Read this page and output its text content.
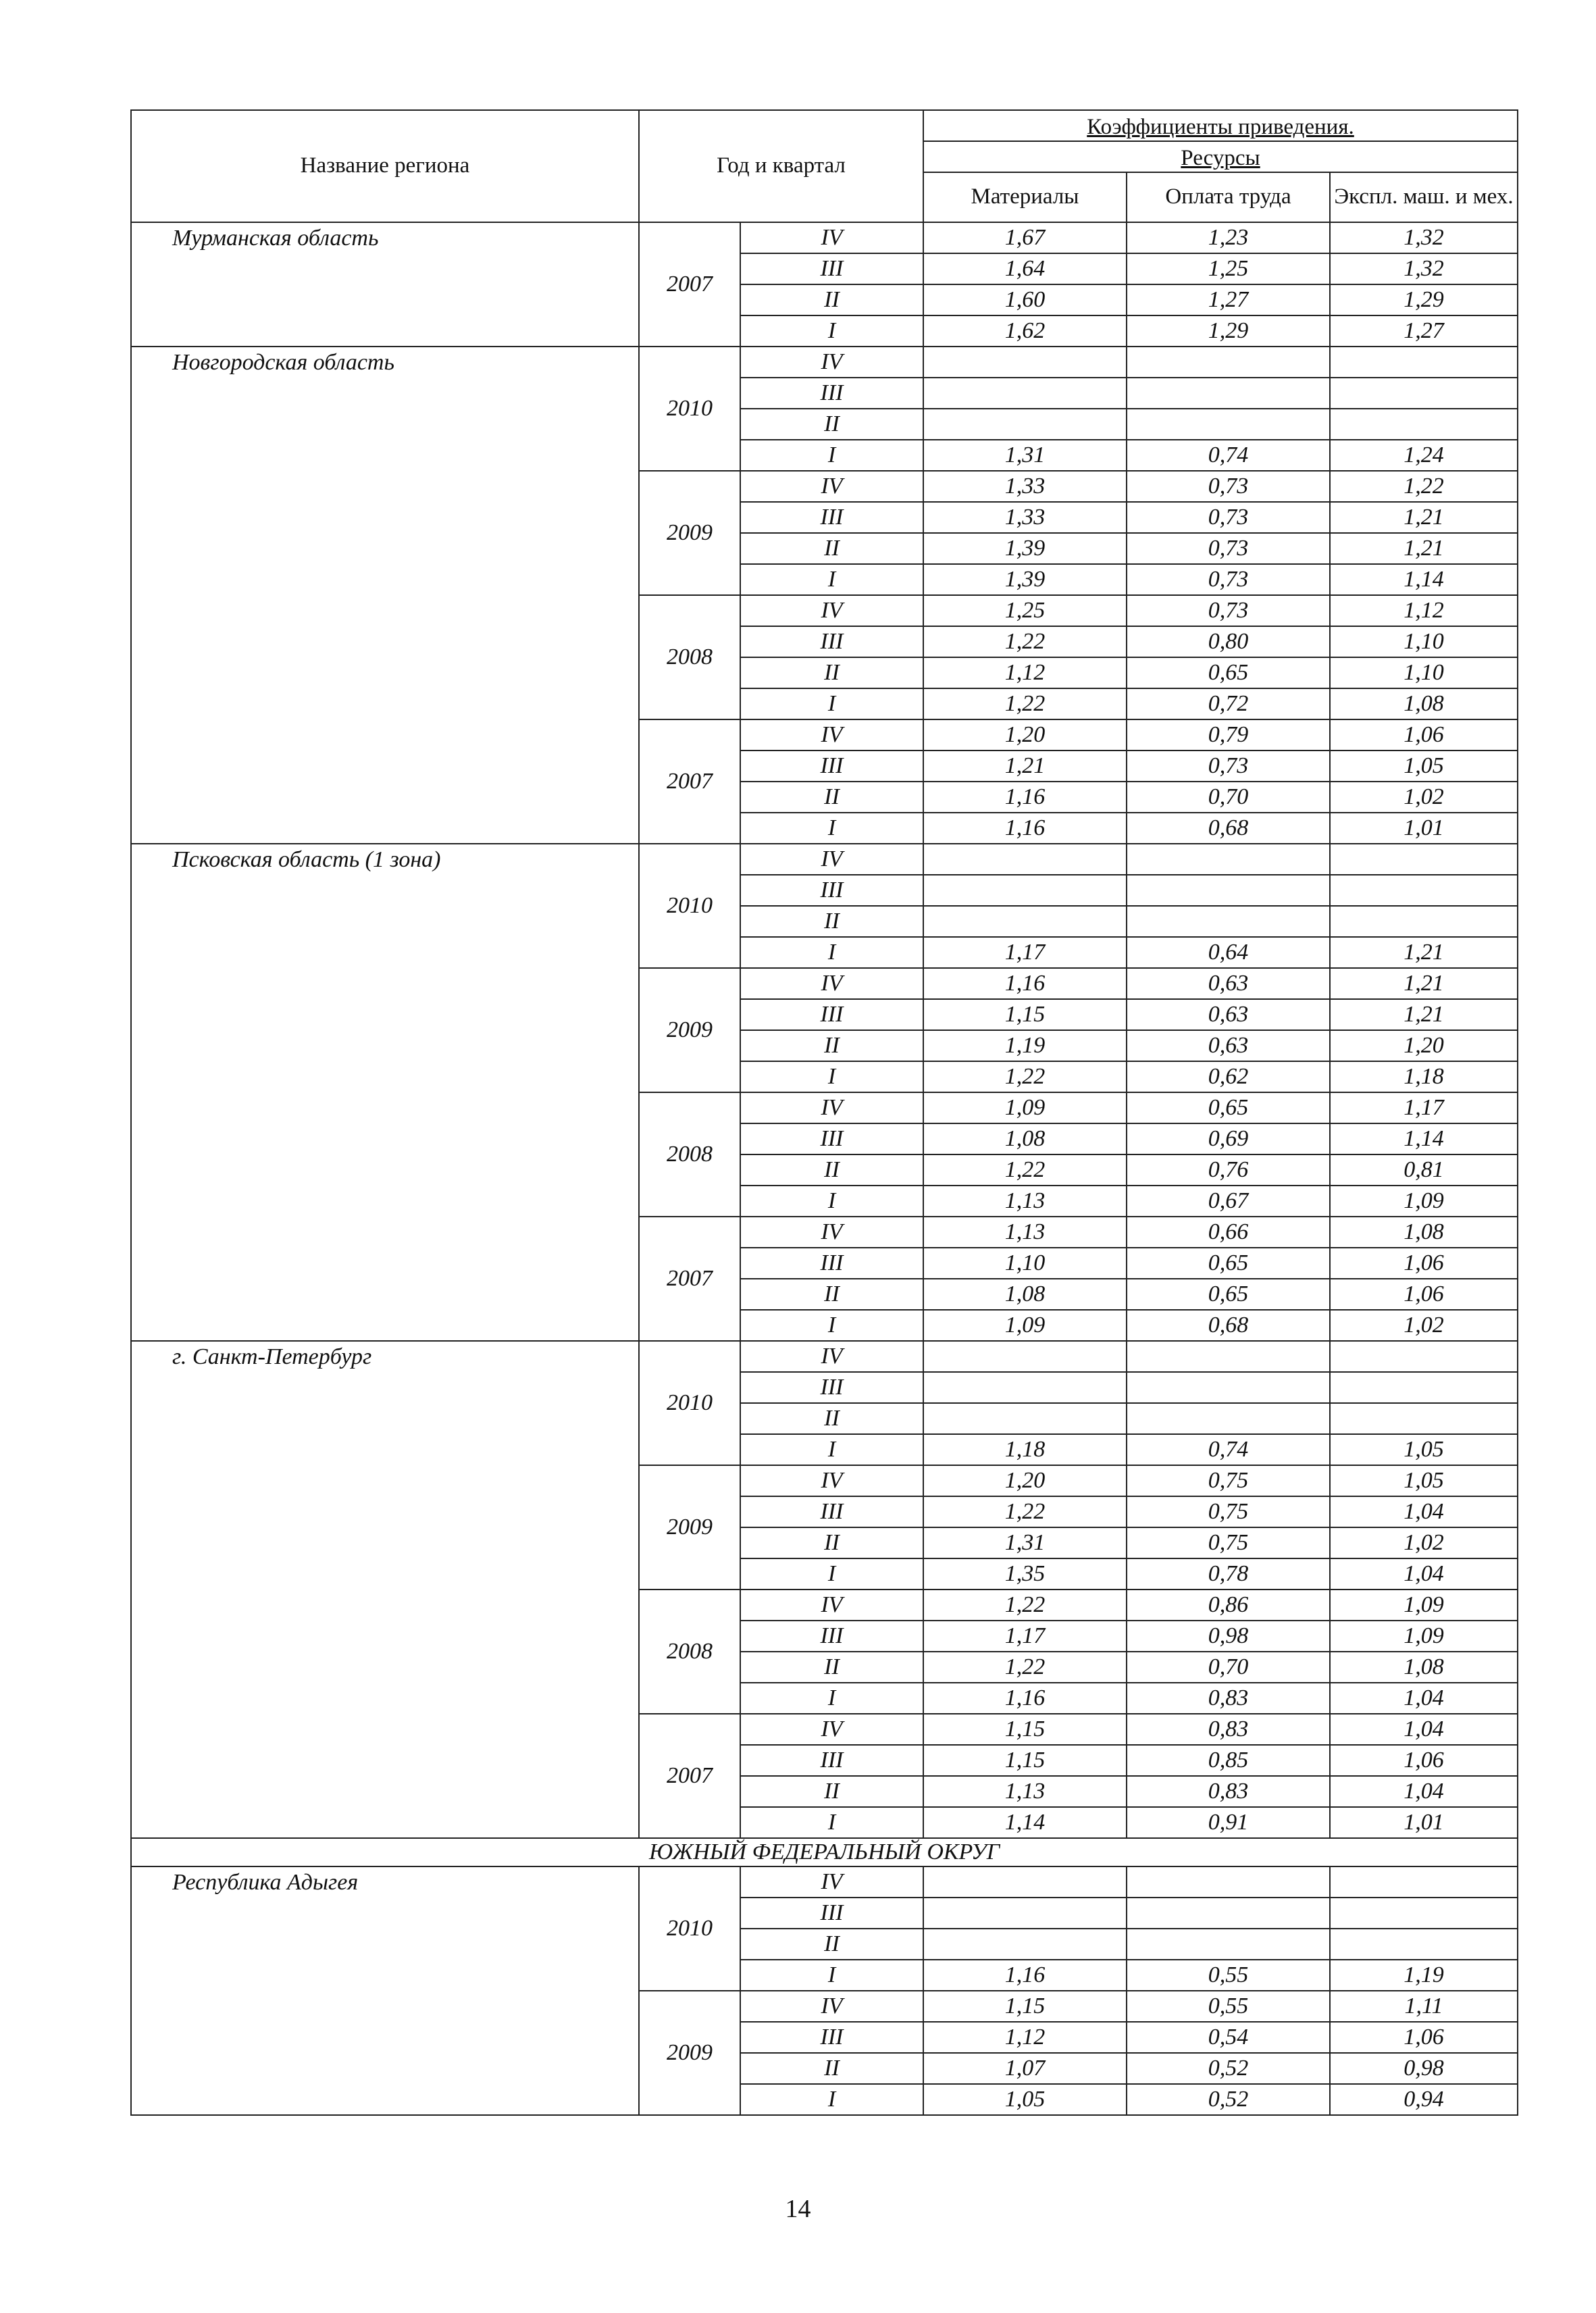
Название региона	Год и квартал		Коэффициенты приведения.		
			Ресурсы		
			Материалы	Оплата труда	Экспл. маш. и мех.
Мурманская область	2007	IV	1,67	1,23	1,32
		III	1,64	1,25	1,32
		II	1,60	1,27	1,29
		I	1,62	1,29	1,27
Новгородская область	2010	IV			
		III			
		II			
		I	1,31	0,74	1,24
	2009	IV	1,33	0,73	1,22
		III	1,33	0,73	1,21
		II	1,39	0,73	1,21
		I	1,39	0,73	1,14
	2008	IV	1,25	0,73	1,12
		III	1,22	0,80	1,10
		II	1,12	0,65	1,10
		I	1,22	0,72	1,08
	2007	IV	1,20	0,79	1,06
		III	1,21	0,73	1,05
		II	1,16	0,70	1,02
		I	1,16	0,68	1,01
Псковская область (1 зона)	2010	IV			
		III			
		II			
		I	1,17	0,64	1,21
	2009	IV	1,16	0,63	1,21
		III	1,15	0,63	1,21
		II	1,19	0,63	1,20
		I	1,22	0,62	1,18
	2008	IV	1,09	0,65	1,17
		III	1,08	0,69	1,14
		II	1,22	0,76	0,81
		I	1,13	0,67	1,09
	2007	IV	1,13	0,66	1,08
		III	1,10	0,65	1,06
		II	1,08	0,65	1,06
		I	1,09	0,68	1,02
г. Санкт-Петербург	2010	IV			
		III			
		II			
		I	1,18	0,74	1,05
	2009	IV	1,20	0,75	1,05
		III	1,22	0,75	1,04
		II	1,31	0,75	1,02
		I	1,35	0,78	1,04
	2008	IV	1,22	0,86	1,09
		III	1,17	0,98	1,09
		II	1,22	0,70	1,08
		I	1,16	0,83	1,04
	2007	IV	1,15	0,83	1,04
		III	1,15	0,85	1,06
		II	1,13	0,83	1,04
		I	1,14	0,91	1,01
ЮЖНЫЙ ФЕДЕРАЛЬНЫЙ ОКРУГ					
Республика Адыгея	2010	IV			
		III			
		II			
		I	1,16	0,55	1,19
	2009	IV	1,15	0,55	1,11
		III	1,12	0,54	1,06
		II	1,07	0,52	0,98
		I	1,05	0,52	0,94
14
